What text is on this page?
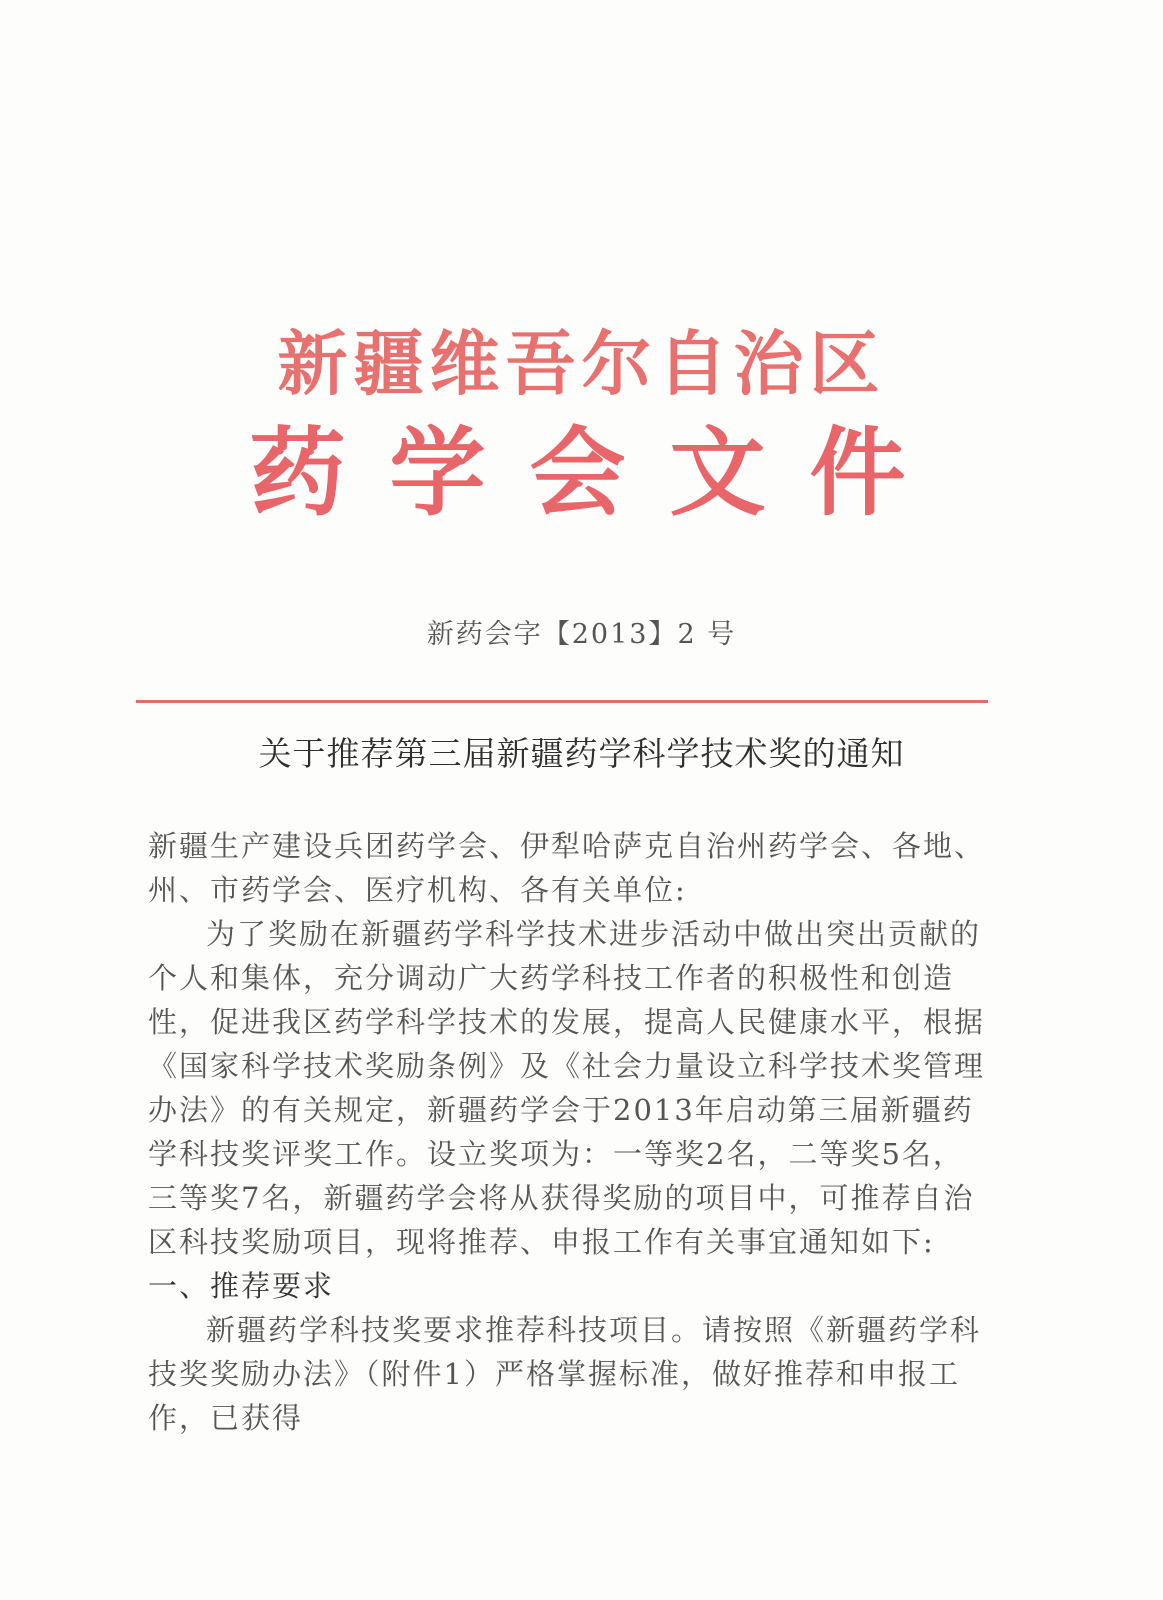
新疆维吾尔自治区
药学会文件
新药会字【2013】2 号
关于推荐第三届新疆药学科学技术奖的通知

新疆生产建设兵团药学会、伊犁哈萨克自治州药学会、各地、州、市药学会、医疗机构、各有关单位:

为了奖励在新疆药学科学技术进步活动中做出突出贡献的个人和集体，充分调动广大药学科技工作者的积极性和创造性，促进我区药学科学技术的发展，提高人民健康水平，根据《国家科学技术奖励条例》及《社会力量设立科学技术奖管理办法》的有关规定，新疆药学会于2013年启动第三届新疆药学科技奖评奖工作。设立奖项为：一等奖2名，二等奖5名，三等奖7名，新疆药学会将从获得奖励的项目中，可推荐自治区科技奖励项目，现将推荐、申报工作有关事宜通知如下:

一、推荐要求

新疆药学科技奖要求推荐科技项目。请按照《新疆药学科技奖奖励办法》（附件1）严格掌握标准，做好推荐和申报工作，已获得
